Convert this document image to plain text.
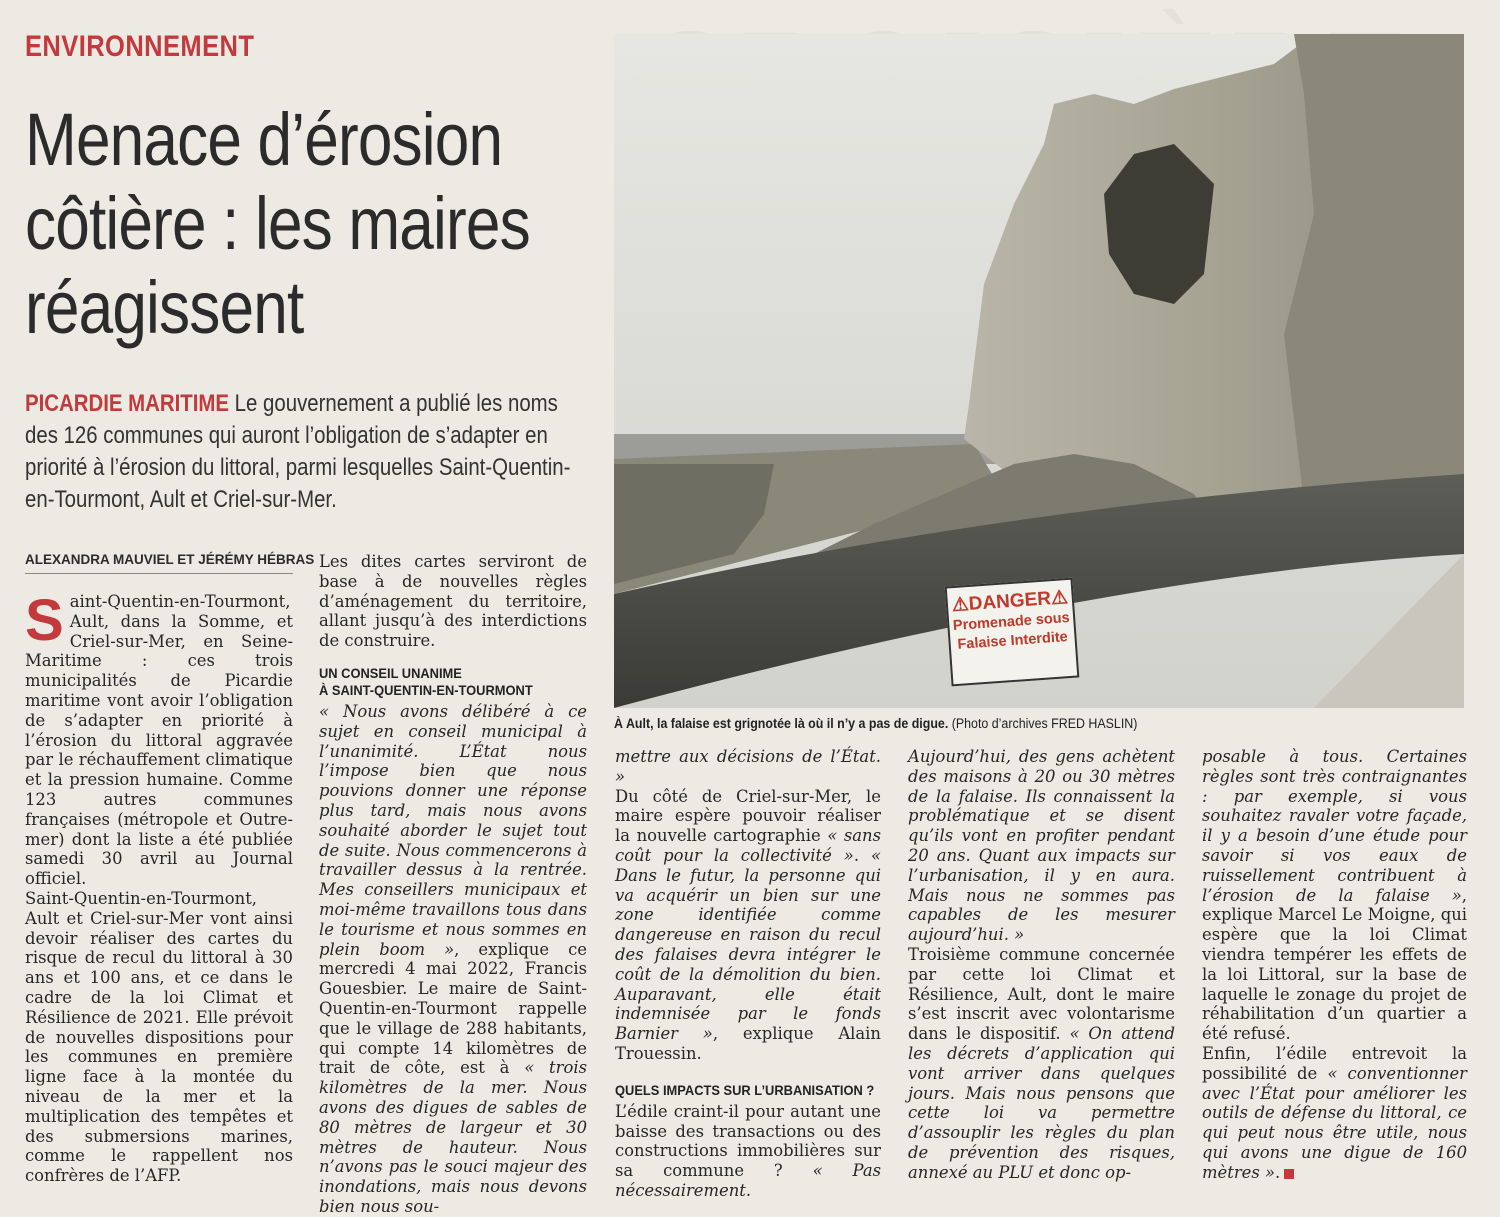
ENVIRONNEMENT
Menace d’érosion
côtière : les maires
réagissent
PICARDIE MARITIME Le gouvernement a publié les noms des 126 communes qui auront l’obligation de s’adapter en priorité à l’érosion du littoral, parmi lesquelles Saint-Quentin-en-Tourmont, Ault et Criel-sur-Mer.
ALEXANDRA MAUVIEL ET JÉRÉMY HÉBRAS

Saint-Quentin-en-Tourmont, Ault, dans la Somme, et Criel-sur-Mer, en Seine-Maritime : ces trois municipalités de Picardie maritime vont avoir l’obligation de s’adapter en priorité à l’érosion du littoral aggravée par le réchauffement climatique et la pression humaine. Comme 123 autres communes françaises (métropole et Outre-mer) dont la liste a été publiée samedi 30 avril au Journal officiel.

Saint-Quentin-en-Tourmont, Ault et Criel-sur-Mer vont ainsi devoir réaliser des cartes du risque de recul du littoral à 30 ans et 100 ans, et ce dans le cadre de la loi Climat et Résilience de 2021. Elle prévoit de nouvelles dispositions pour les communes en première ligne face à la montée du niveau de la mer et la multiplication des tempêtes et des submersions marines, comme le rappellent nos confrères de l’AFP.

Les dites cartes serviront de base à de nouvelles règles d’aménagement du territoire, allant jusqu’à des interdictions de construire.

UN CONSEIL UNANIME
À SAINT-QUENTIN-EN-TOURMONT

« Nous avons délibéré à ce sujet en conseil municipal à l’unanimité. L’État nous l’impose bien que nous pouvions donner une réponse plus tard, mais nous avons souhaité aborder le sujet tout de suite. Nous commencerons à travailler dessus à la rentrée. Mes conseillers municipaux et moi-même travaillons tous dans le tourisme et nous sommes en plein boom », explique ce mercredi 4 mai 2022, Francis Gouesbier. Le maire de Saint-Quentin-en-Tourmont rappelle que le village de 288 habitants, qui compte 14 kilomètres de trait de côte, est à « trois kilomètres de la mer. Nous avons des digues de sables de 80 mètres de largeur et 30 mètres de hauteur. Nous n’avons pas le souci majeur des inondations, mais nous devons bien nous sou-

⚠DANGER⚠
Promenade sous
Falaise Interdite
À Ault, la falaise est grignotée là où il n’y a pas de digue. (Photo d’archives FRED HASLIN)

mettre aux décisions de l’État. »

Du côté de Criel-sur-Mer, le maire espère pouvoir réaliser la nouvelle cartographie « sans coût pour la collectivité ». « Dans le futur, la personne qui va acquérir un bien sur une zone identifiée comme dangereuse en raison du recul des falaises devra intégrer le coût de la démolition du bien. Auparavant, elle était indemnisée par le fonds Barnier », explique Alain Trouessin.

QUELS IMPACTS SUR L’URBANISATION ?

L’édile craint-il pour autant une baisse des transactions ou des constructions immobilières sur sa commune ? « Pas nécessairement.

Aujourd’hui, des gens achètent des maisons à 20 ou 30 mètres de la falaise. Ils connaissent la problématique et se disent qu’ils vont en profiter pendant 20 ans. Quant aux impacts sur l’urbanisation, il y en aura. Mais nous ne sommes pas capables de les mesurer aujourd’hui. »

Troisième commune concernée par cette loi Climat et Résilience, Ault, dont le maire s’est inscrit avec volontarisme dans le dispositif. « On attend les décrets d’application qui vont arriver dans quelques jours. Mais nous pensons que cette loi va permettre d’assouplir les règles du plan de prévention des risques, annexé au PLU et donc op-

posable à tous. Certaines règles sont très contraignantes : par exemple, si vous souhaitez ravaler votre façade, il y a besoin d’une étude pour savoir si vos eaux de ruissellement contribuent à l’érosion de la falaise », explique Marcel Le Moigne, qui espère que la loi Climat viendra tempérer les effets de la loi Littoral, sur la base de laquelle le zonage du projet de réhabilitation d’un quartier a été refusé.

Enfin, l’édile entrevoit la possibilité de « conventionner avec l’État pour améliorer les outils de défense du littoral, ce qui peut nous être utile, nous qui avons une digue de 160 mètres ».
